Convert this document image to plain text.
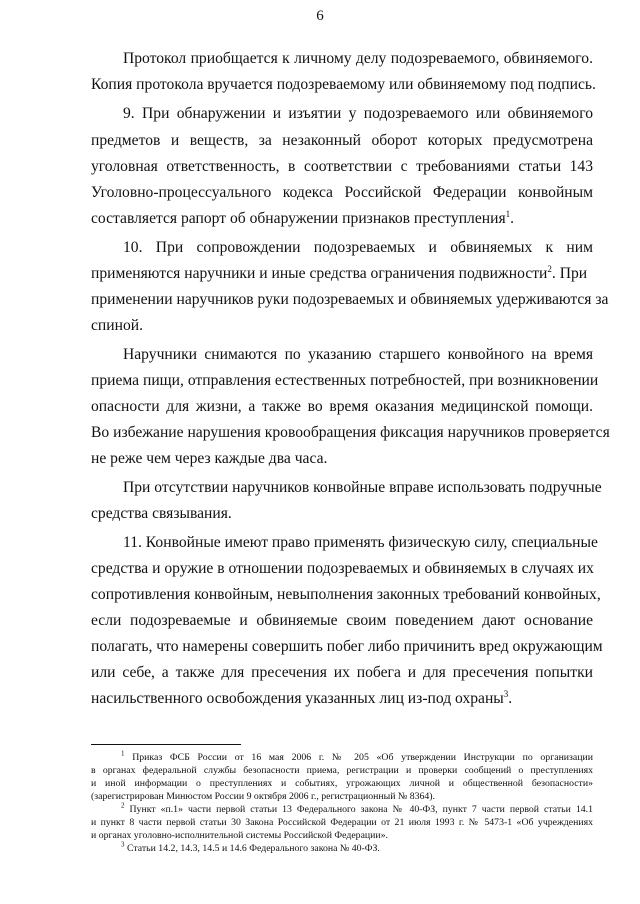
6
Протокол приобщается к личному делу подозреваемого, обвиняемого.
Копия протокола вручается подозреваемому или обвиняемому под подпись.
9. При обнаружении и изъятии у подозреваемого или обвиняемого
предметов и веществ, за незаконный оборот которых предусмотрена
уголовная ответственность, в соответствии с требованиями статьи 143
Уголовно-процессуального кодекса Российской Федерации конвойным
составляется рапорт об обнаружении признаков преступления$^1$.
10. При сопровождении подозреваемых и обвиняемых к ним
применяются наручники и иные средства ограничения подвижности$^2$. При
применении наручников руки подозреваемых и обвиняемых удерживаются за
спиной.
Наручники снимаются по указанию старшего конвойного на время
приема пищи, отправления естественных потребностей, при возникновении
опасности для жизни, а также во время оказания медицинской помощи.
Во избежание нарушения кровообращения фиксация наручников проверяется
не реже чем через каждые два часа.
При отсутствии наручников конвойные вправе использовать подручные
средства связывания.
11. Конвойные имеют право применять физическую силу, специальные
средства и оружие в отношении подозреваемых и обвиняемых в случаях их
сопротивления конвойным, невыполнения законных требований конвойных,
если подозреваемые и обвиняемые своим поведением дают основание
полагать, что намерены совершить побег либо причинить вред окружающим
или себе, а также для пресечения их побега и для пресечения попытки
насильственного освобождения указанных лиц из-под охраны$^3$.
$^1$ Приказ ФСБ России от 16 мая 2006 г. № 205 «Об утверждении Инструкции по организации
в органах федеральной службы безопасности приема, регистрации и проверки сообщений о преступлениях
и иной информации о преступлениях и событиях, угрожающих личной и общественной безопасности»
(зарегистрирован Минюстом России 9 октября 2006 г., регистрационный № 8364).
$^2$ Пункт «п.1» части первой статьи 13 Федерального закона № 40-ФЗ, пункт 7 части первой статьи 14.1
и пункт 8 части первой статьи 30 Закона Российской Федерации от 21 июля 1993 г. № 5473-1 «Об учреждениях
и органах уголовно-исполнительной системы Российской Федерации».
$^3$ Статьи 14.2, 14.3, 14.5 и 14.6 Федерального закона № 40-ФЗ.
